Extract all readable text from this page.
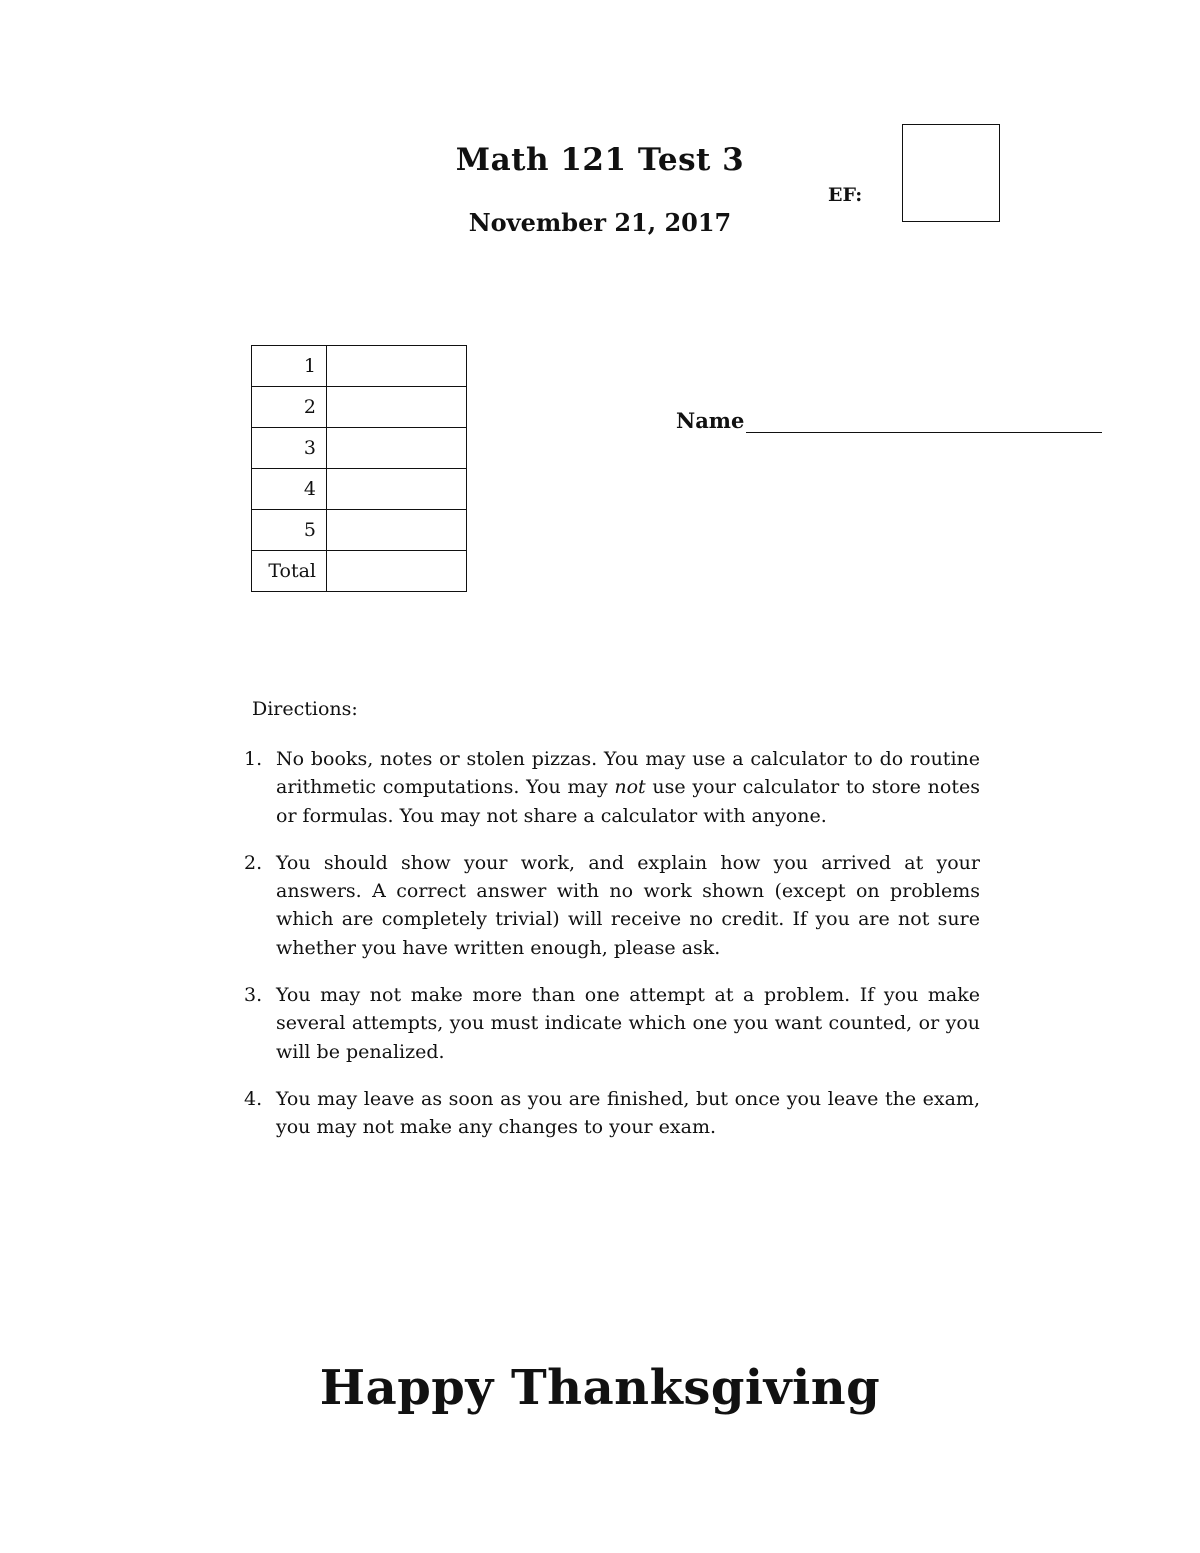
Math 121 Test 3
November 21, 2017
EF:
1	
2	
3	
4	
5	
Total	
Name
Directions:
1. No books, notes or stolen pizzas. You may use a calculator to do routine arithmetic computations. You may not use your calculator to store notes or formulas. You may not share a calculator with anyone.
2. You should show your work, and explain how you arrived at your answers. A correct answer with no work shown (except on problems which are completely trivial) will receive no credit. If you are not sure whether you have written enough, please ask.
3. You may not make more than one attempt at a problem. If you make several attempts, you must indicate which one you want counted, or you will be penalized.
4. You may leave as soon as you are finished, but once you leave the exam, you may not make any changes to your exam.
Happy Thanksgiving
